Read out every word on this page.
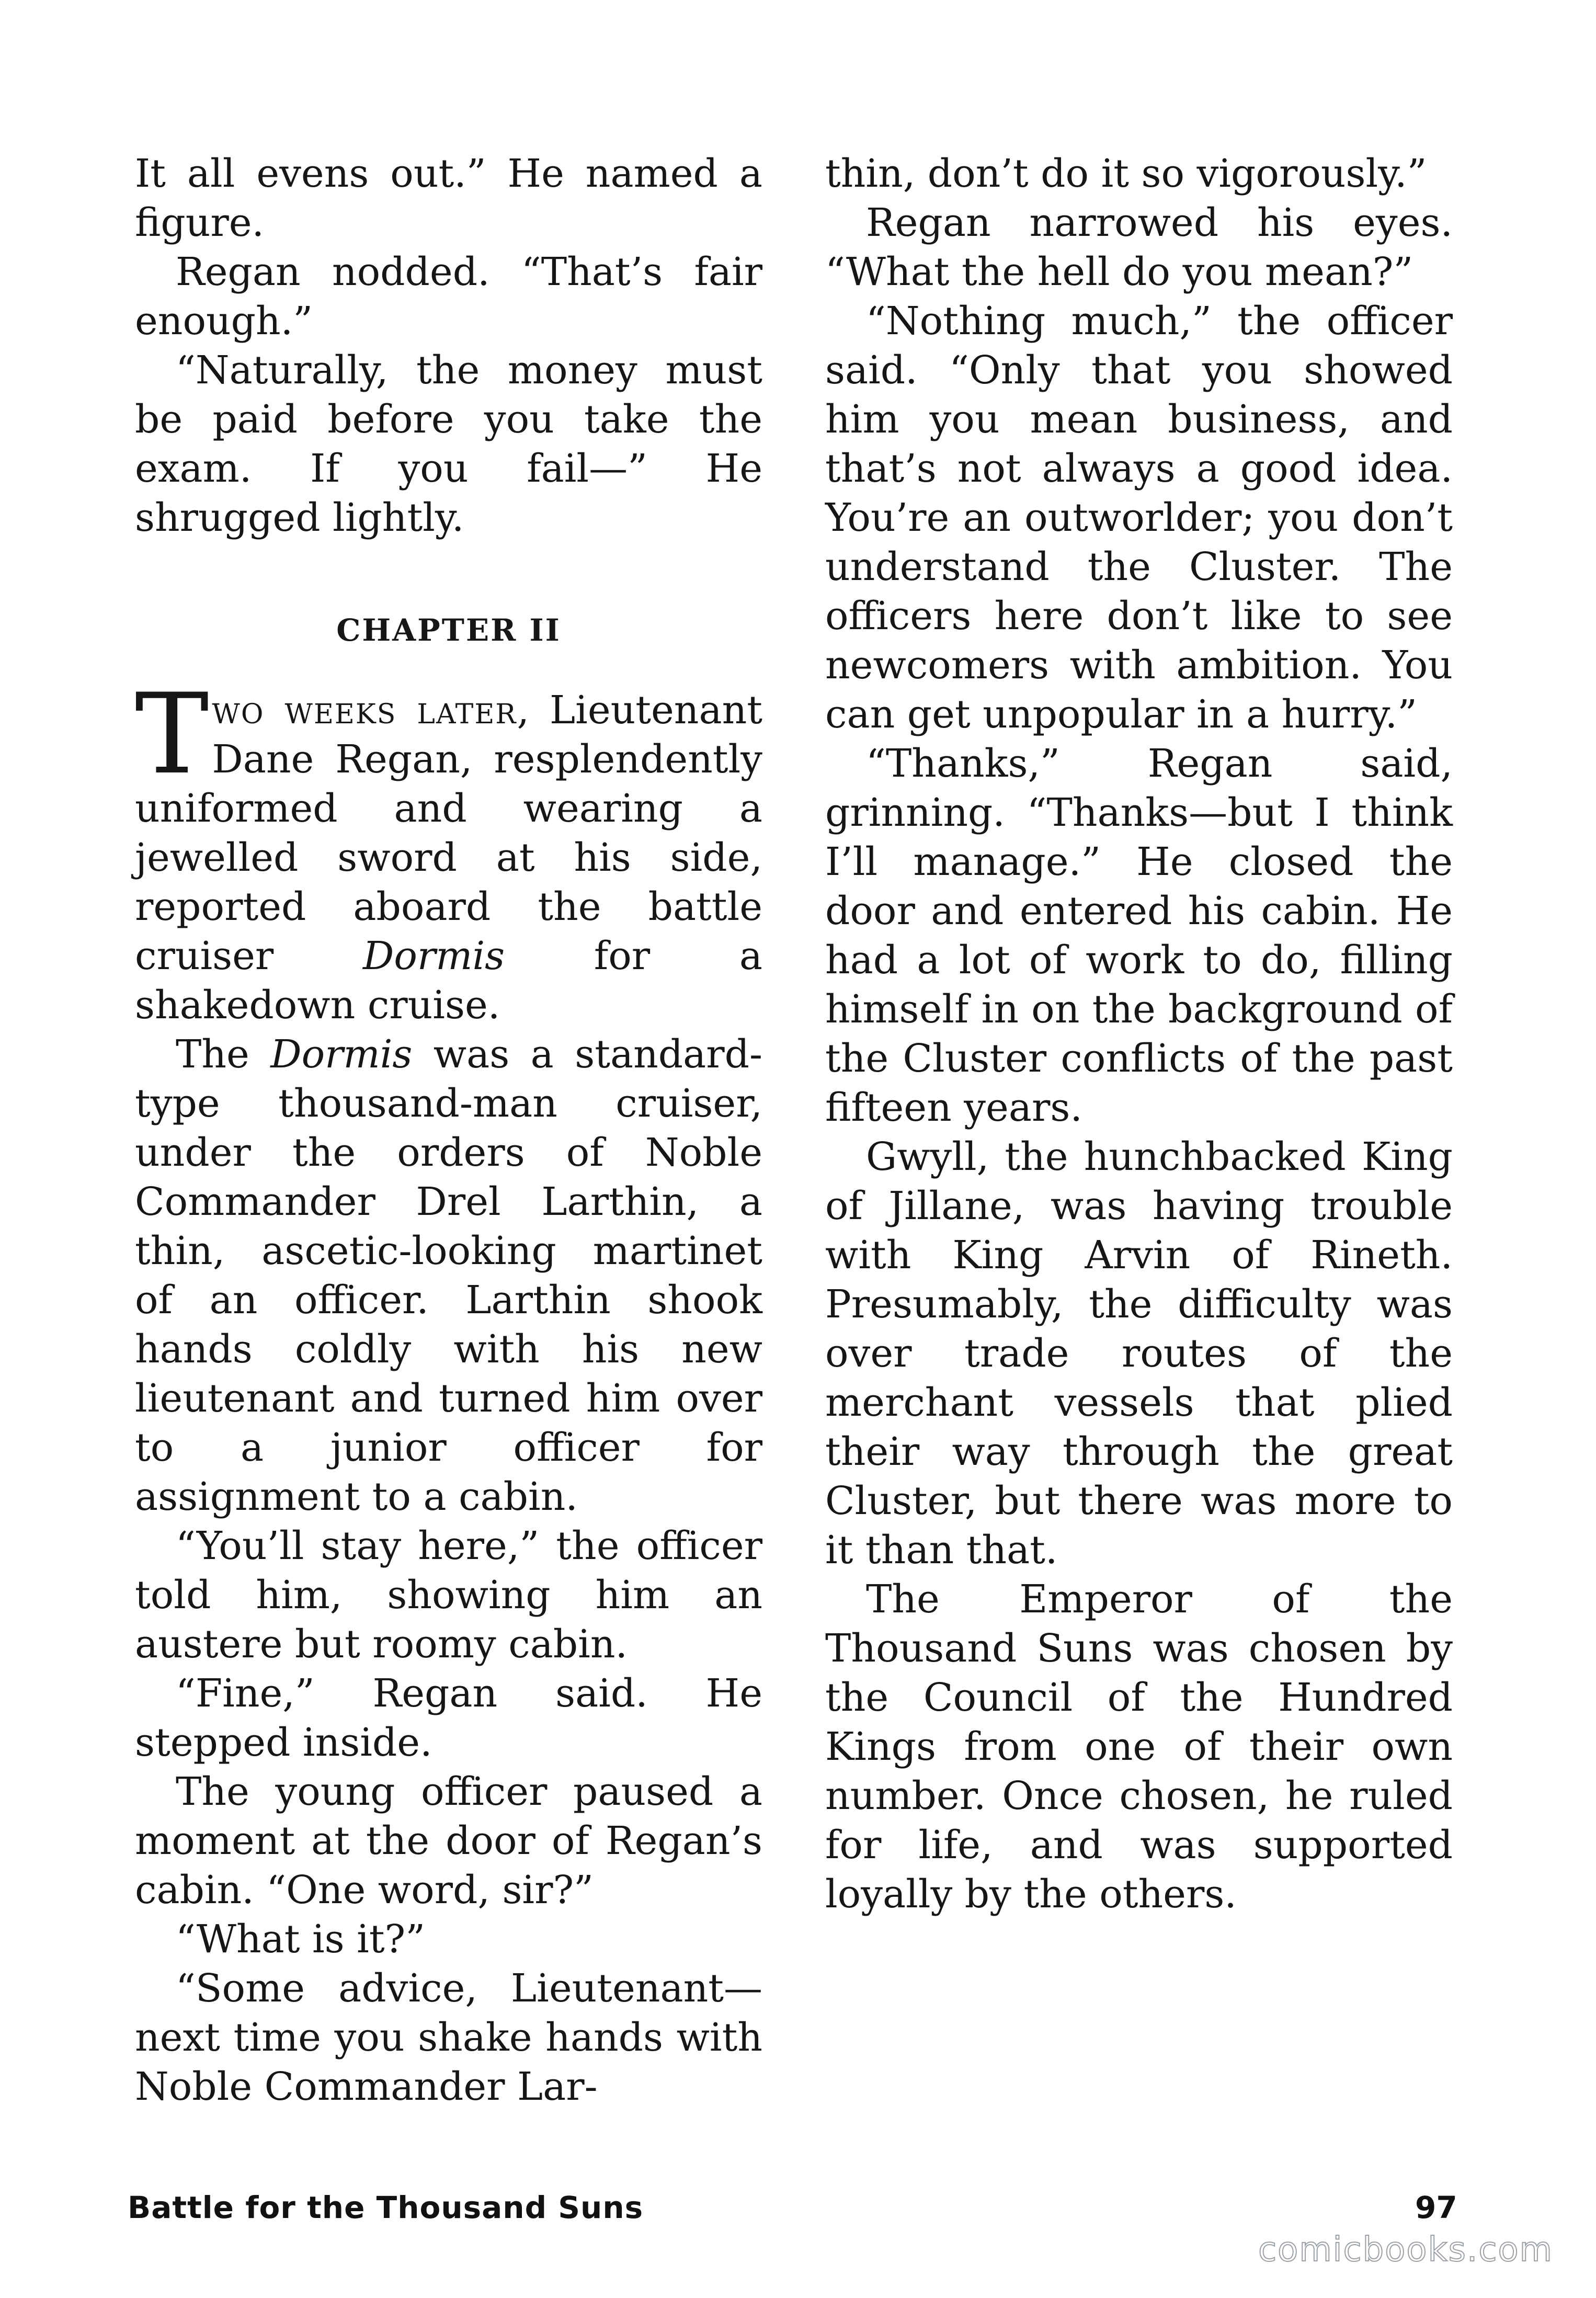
It all evens out.” He named a figure.

Regan nodded. “That’s fair enough.”

“Naturally, the money must be paid before you take the exam. If you fail—” He shrugged lightly.

CHAPTER II

Two weeks later, Lieutenant Dane Regan, resplendently uniformed and wearing a jewelled sword at his side, reported aboard the battle cruiser Dormis for a shakedown cruise.

The Dormis was a standard-type thousand-man cruiser, under the orders of Noble Commander Drel Larthin, a thin, ascetic-looking martinet of an officer. Larthin shook hands coldly with his new lieutenant and turned him over to a junior officer for assignment to a cabin.

“You’ll stay here,” the officer told him, showing him an austere but roomy cabin.

“Fine,” Regan said. He stepped inside.

The young officer paused a moment at the door of Regan’s cabin. “One word, sir?”

“What is it?”

“Some advice, Lieutenant—next time you shake hands with Noble Commander Lar-

thin, don’t do it so vigorously.”

Regan narrowed his eyes. “What the hell do you mean?”

“Nothing much,” the officer said. “Only that you showed him you mean business, and that’s not always a good idea. You’re an outworlder; you don’t understand the Cluster. The officers here don’t like to see newcomers with ambition. You can get unpopular in a hurry.”

“Thanks,” Regan said, grinning. “Thanks—but I think I’ll manage.” He closed the door and entered his cabin. He had a lot of work to do, filling himself in on the background of the Cluster conflicts of the past fifteen years.

Gwyll, the hunchbacked King of Jillane, was having trouble with King Arvin of Rineth. Presumably, the difficulty was over trade routes of the merchant vessels that plied their way through the great Cluster, but there was more to it than that.

The Emperor of the Thousand Suns was chosen by the Council of the Hundred Kings from one of their own number. Once chosen, he ruled for life, and was supported loyally by the others.

Battle for the Thousand Suns	97
comicbooks.com
